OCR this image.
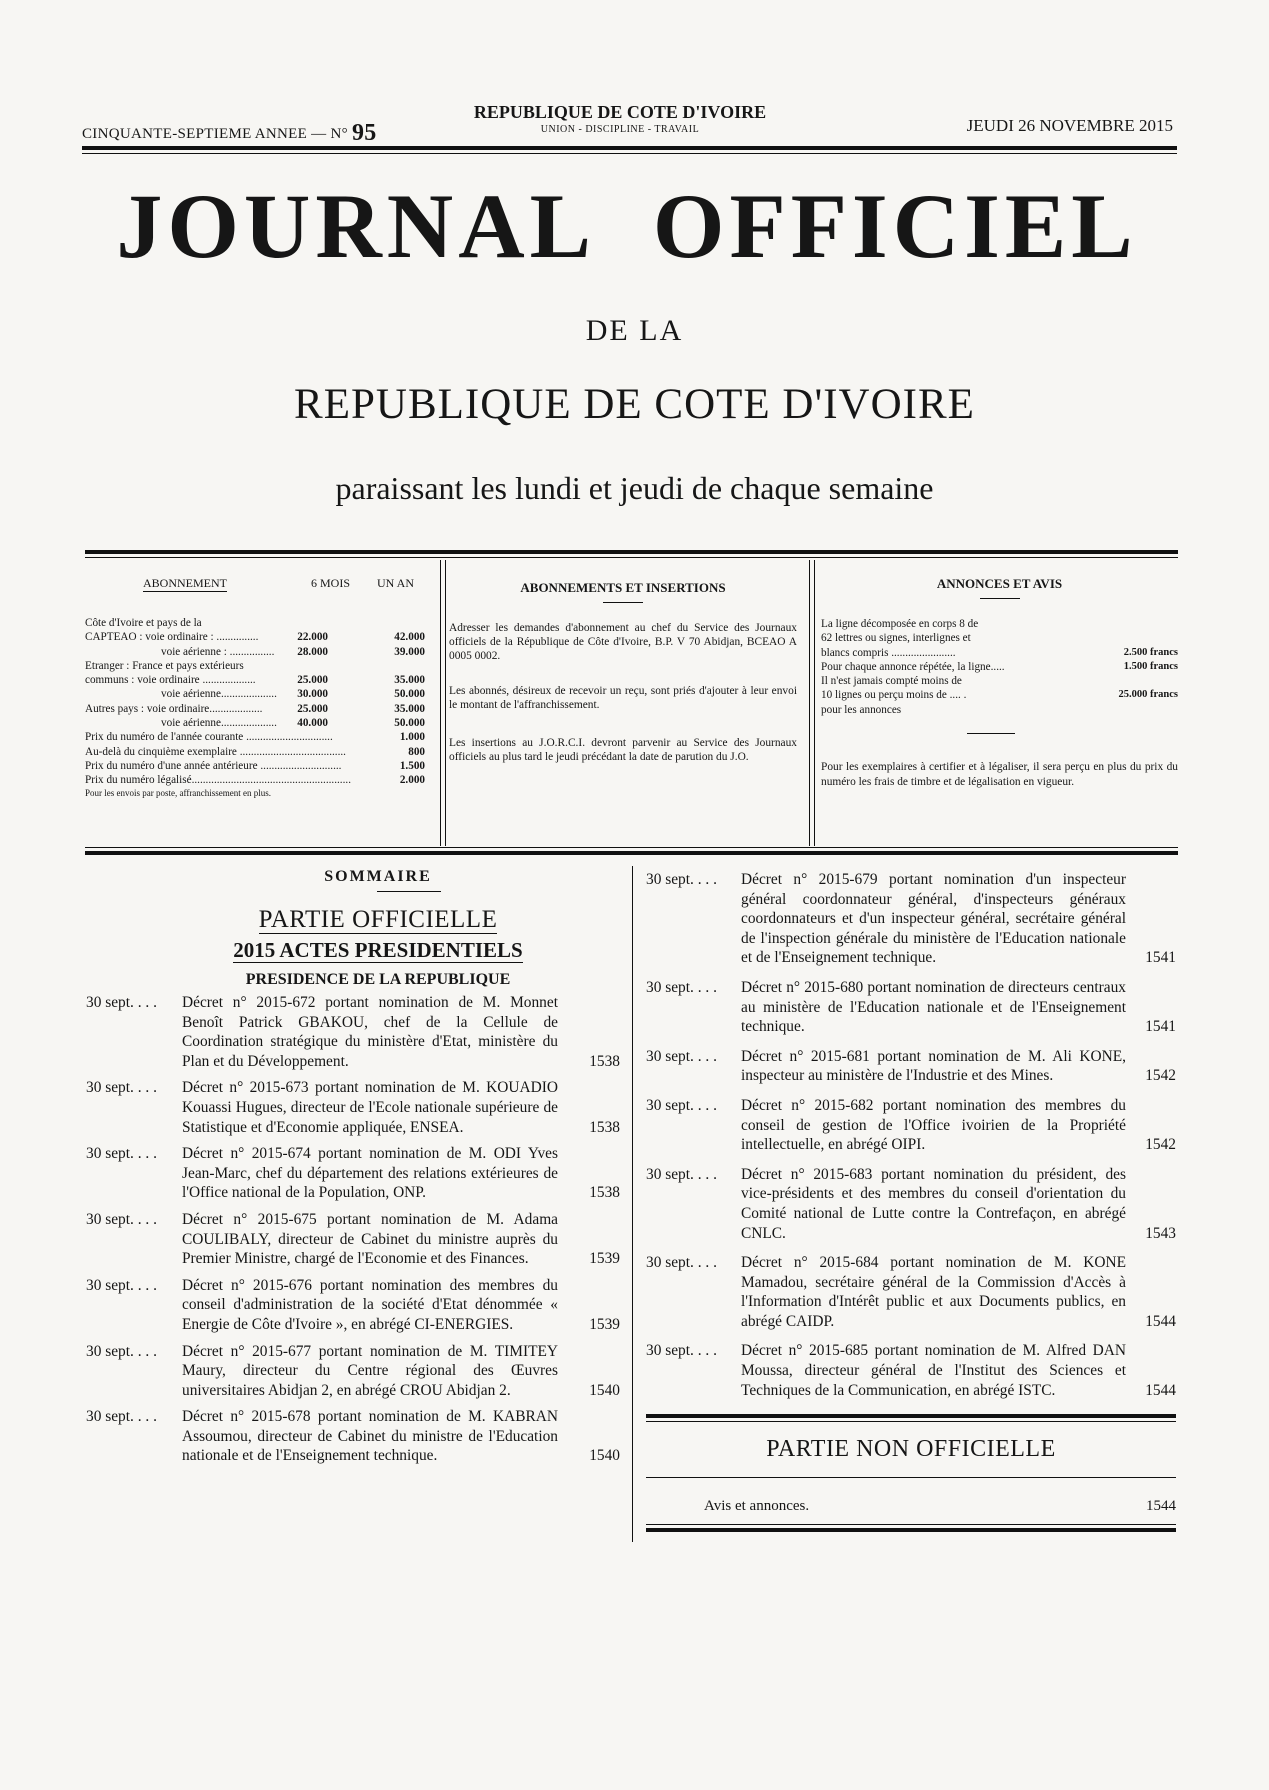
CINQUANTE-SEPTIEME ANNEE — N° 95
REPUBLIQUE DE COTE D'IVOIRE
UNION - DISCIPLINE - TRAVAIL	JEUDI 26 NOVEMBRE 2015
JOURNAL OFFICIEL
DE LA
REPUBLIQUE DE COTE D'IVOIRE
paraissant les lundi et jeudi de chaque semaine
ABONNEMENT	6 MOIS UN AN
Côte d'Ivoire et pays de la
CAPTEAO : voie ordinaire : ...............	22.000	42.000
voie aérienne : ................ 28.000	39.000
Etranger : France et pays extérieurs
communs : voie ordinaire ...................	25.000	35.000
voie aérienne.................... 30.000	50.000
Autres pays : voie ordinaire...................	25.000	35.000
voie aérienne.................... 40.000	50.000
Prix du numéro de l'année courante ...............................	1.000
Au-delà du cinquième exemplaire ......................................	800
Prix du numéro d'une année antérieure .............................	1.500
Prix du numéro légalisé.........................................................	2.000
Pour les envois par poste, affranchissement en plus.
ABONNEMENTS ET INSERTIONS

Adresser les demandes d'abonnement au chef du Service des Journaux officiels de la République de Côte d'Ivoire, B.P. V 70 Abidjan, BCEAO A 0005 0002.

Les abonnés, désireux de recevoir un reçu, sont priés d'ajouter à leur envoi le montant de l'affranchissement.

Les insertions au J.O.R.C.I. devront parvenir au Service des Journaux officiels au plus tard le jeudi précédant la date de parution du J.O.

ANNONCES ET AVIS
La ligne décomposée en corps 8 de
62 lettres ou signes, interlignes et
blancs compris .......................	2.500 francs
Pour chaque annonce répétée, la ligne.....	1.500 francs
Il n'est jamais compté moins de
10 lignes ou perçu moins de .... .	25.000 francs
pour les annonces
Pour les exemplaires à certifier et à légaliser, il sera perçu en plus du prix du numéro les frais de timbre et de légalisation en vigueur.
SOMMAIRE
PARTIE OFFICIELLE
2015 ACTES PRESIDENTIELS
PRESIDENCE DE LA REPUBLIQUE
30 sept. . . . Décret n° 2015-672 portant nomination de M. Monnet Benoît Patrick GBAKOU, chef de la Cellule de Coordination stratégique du ministère d'Etat, ministère du Plan et du Développement.	1538
30 sept. . . . Décret n° 2015-673 portant nomination de M. KOUADIO Kouassi Hugues, directeur de l'Ecole nationale supérieure de Statistique et d'Economie appliquée, ENSEA.	1538
30 sept. . . . Décret n° 2015-674 portant nomination de M. ODI Yves Jean-Marc, chef du département des relations extérieures de l'Office national de la Population, ONP.	1538
30 sept. . . . Décret n° 2015-675 portant nomination de M. Adama COULIBALY, directeur de Cabinet du ministre auprès du Premier Ministre, chargé de l'Economie et des Finances.	1539
30 sept. . . . Décret n° 2015-676 portant nomination des membres du conseil d'administration de la société d'Etat dénommée « Energie de Côte d'Ivoire », en abrégé CI-ENERGIES.	1539
30 sept. . . . Décret n° 2015-677 portant nomination de M. TIMITEY Maury, directeur du Centre régional des Œuvres universitaires Abidjan 2, en abrégé CROU Abidjan 2.	1540
30 sept. . . . Décret n° 2015-678 portant nomination de M. KABRAN Assoumou, directeur de Cabinet du ministre de l'Education nationale et de l'Enseignement technique.	1540
30 sept. . . . Décret n° 2015-679 portant nomination d'un inspecteur général coordonnateur général, d'inspecteurs généraux coordonnateurs et d'un inspecteur général, secrétaire général de l'inspection générale du ministère de l'Education nationale et de l'Enseignement technique.	1541
30 sept. . . . Décret n° 2015-680 portant nomination de directeurs centraux au ministère de l'Education nationale et de l'Enseignement technique.	1541
30 sept. . . . Décret n° 2015-681 portant nomination de M. Ali KONE, inspecteur au ministère de l'Industrie et des Mines.	1542
30 sept. . . . Décret n° 2015-682 portant nomination des membres du conseil de gestion de l'Office ivoirien de la Propriété intellectuelle, en abrégé OIPI.	1542
30 sept. . . . Décret n° 2015-683 portant nomination du président, des vice-présidents et des membres du conseil d'orientation du Comité national de Lutte contre la Contrefaçon, en abrégé CNLC.	1543
30 sept. . . . Décret n° 2015-684 portant nomination de M. KONE Mamadou, secrétaire général de la Commission d'Accès à l'Information d'Intérêt public et aux Documents publics, en abrégé CAIDP.	1544
30 sept. . . . Décret n° 2015-685 portant nomination de M. Alfred DAN Moussa, directeur général de l'Institut des Sciences et Techniques de la Communication, en abrégé ISTC.	1544
PARTIE NON OFFICIELLE
Avis et annonces.	1544
